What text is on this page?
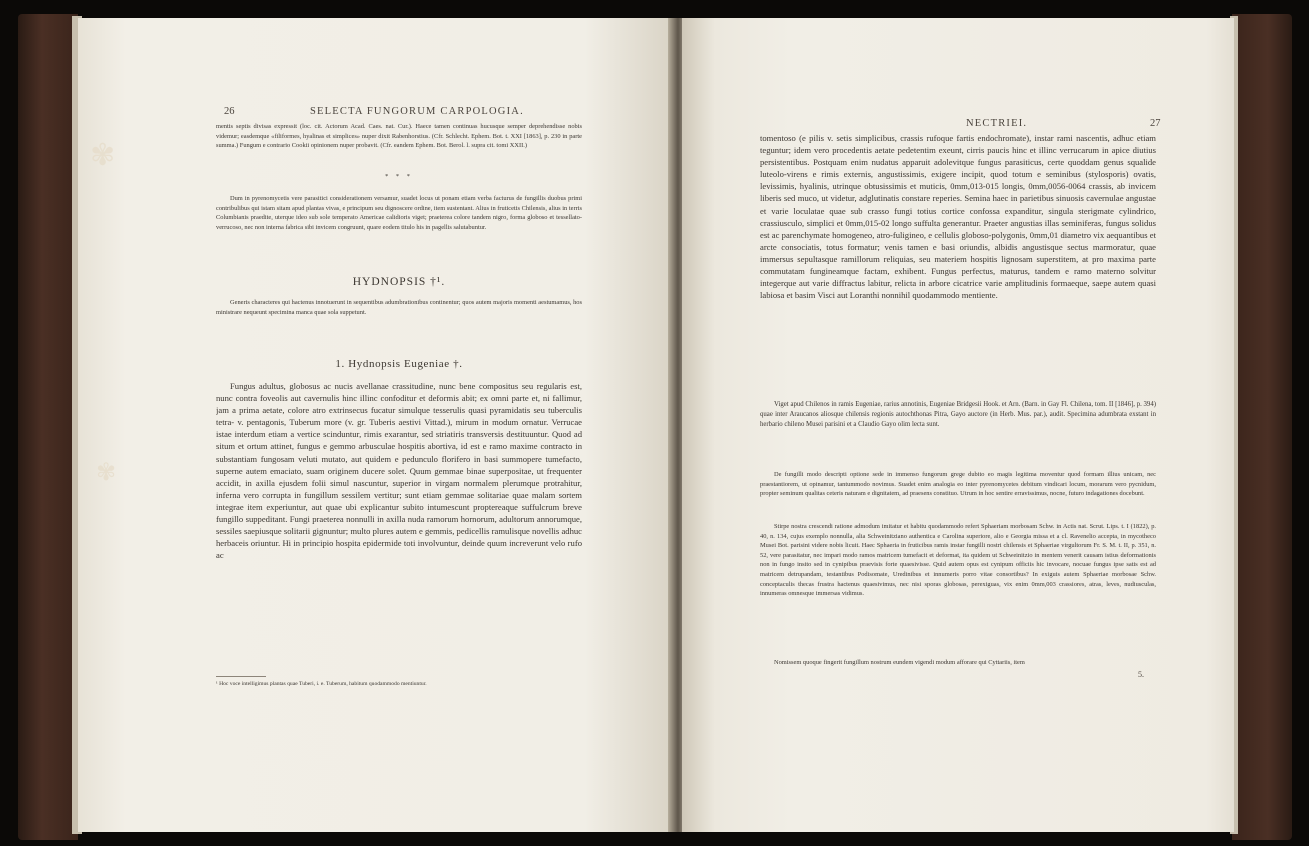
✾
✾
26	SELECTA FUNGORUM CARPOLOGIA.

mentis septis divisas expressit (loc. cit. Actorum Acad. Caes. nat. Cur.). Haece tamen continuas hucusque semper deprehendisse nobis videmur; easdemque «filiformes, hyalinas et simplices» nuper dixit Rabenhorstius. (Cfr. Schlecht. Ephem. Bot. t. XXI [1863], p. 230 in parte summa.) Fungum e contrario Cookii opinionem nuper probavit. (Cfr. eandem Ephem. Bot. Berol. l. supra cit. tomi XXII.)

* * *

Dum in pyrenomycetis vere parasitici considerationem versamur, suadet locus ut ponam etiam verba facturus de fungillis duobus primi contribulibus qui istam sitam apud plantas vivas, e principum seu dignoscere ordine, item sustentant. Alius in fruticetis Chilensis, alius in terris Columbianis praedite, uterque ideo sub sole temperato Americae calidioris viget; praeterea colore tandem nigro, forma globoso et tessellato-verrucoso, nec non interna fabrica sibi invicem congruunt, quare eodem titulo his in pagellis salutabuntur.

HYDNOPSIS †¹.

Generis characteres qui hactenus innotuerunt in sequentibus adumbrationibus continentur; quos autem majoris momenti aestumamus, hos ministrare nequeunt specimina manca quae sola suppetunt.

1. Hydnopsis Eugeniae †.

Fungus adultus, globosus ac nucis avellanae crassitudine, nunc bene compositus seu regularis est, nunc contra foveolis aut cavernulis hinc illinc confoditur et deformis abit; ex omni parte et, ni fallimur, jam a prima aetate, colore atro extrinsecus fucatur simulque tesserulis quasi pyramidatis seu tuberculis tetra- v. pentagonis, Tuberum more (v. gr. Tuberis aestivi Vittad.), mirum in modum ornatur. Verrucae istae interdum etiam a vertice scinduntur, rimis exarantur, sed striatiris transversis destituuntur. Quod ad situm et ortum attinet, fungus e gemmo arbusculae hospitis abortiva, id est e ramo maxime contracto in substantiam fungosam veluti mutato, aut quidem e pedunculo florifero in basi summopere tumefacto, superne autem emaciato, suam originem ducere solet. Quum gemmae binae superpositae, ut frequenter accidit, in axilla ejusdem folii simul nascuntur, superior in virgam normalem plerumque protrahitur, inferna vero corrupta in fungillum sessilem vertitur; sunt etiam gemmae solitariae quae malam sortem integrae item experiuntur, aut quae ubi explicantur subito intumescunt proptereaque suffulcrum breve fungillo suppeditant. Fungi praeterea nonnulli in axilla nuda ramorum hornorum, adultorum annorumque, sessiles saepiusque solitarii gignuntur; multo plures autem e gemmis, pedicellis ramulisque novellis adhuc herbaceis oriuntur. Hi in principio hospita epidermide toti involvuntur, deinde quum increverunt velo rufo ac

¹ Hoc voce intelligimus plantas quae Tuberi, i. e. Tuberum, habitum quodammodo mentiuntur.

NECTRIEI.	27

tomentoso (e pilis v. setis simplicibus, crassis rufoque fartis endochromate), instar rami nascentis, adhuc etiam teguntur; idem vero procedentis aetate pedetentim exeunt, cirris paucis hinc et illinc verrucarum in apice diutius persistentibus. Postquam enim nudatus apparuit adolevitque fungus parasiticus, certe quoddam genus squalide luteolo-virens e rimis externis, angustissimis, exigere incipit, quod totum e seminibus (stylosporis) ovatis, levissimis, hyalinis, utrinque obtusissimis et muticis, 0mm,013-015 longis, 0mm,0056-0064 crassis, ab invicem liberis sed muco, ut videtur, adglutinatis constare reperies. Semina haec in parietibus sinuosis cavernulae angustae et varie loculatae quae sub crasso fungi totius cortice confossa expanditur, singula sterigmate cylindrico, crassiusculo, simplici et 0mm,015-02 longo suffulta generantur. Praeter angustias illas seminiferas, fungus solidus est ac parenchymate homogeneo, atro-fuligineo, e cellulis globoso-polygonis, 0mm,01 diametro vix aequantibus et arcte consociatis, totus formatur; venis tamen e basi oriundis, albidis angustisque sectus marmoratur, quae immersus sepultasque ramillorum reliquias, seu materiem hospitis lignosam superstitem, at pro maxima parte commutatam fungineamque factam, exhibent. Fungus perfectus, maturus, tandem e ramo materno solvitur integerque aut varie diffractus labitur, relicta in arbore cicatrice varie amplitudinis formaeque, saepe autem quasi labiosa et basim Visci aut Loranthi nonnihil quodammodo mentiente.

Viget apud Chilenos in ramis Eugeniae, rarius annotinis, Eugeniae Bridgesii Hook. et Arn. (Barn. in Gay Fl. Chilena, tom. II [1846], p. 394) quae inter Araucanos aliosque chilensis regionis autochthonas Pitra, Gayo auctore (in Herb. Mus. par.), audit. Specimina adumbrata exstant in herbario chileno Musei parisini et a Claudio Gayo olim lecta sunt.

De fungilli modo descripti optione sede in immenso fungorum grege dubito eo magis legitima moventur quod formam illius unicam, nec praestantiorem, ut opinamur, tantummodo novimus. Suadet enim analogia eo inter pyrenomycetes debitum vindicari locum, morarum vero pycnidum, propter seminum qualitas ceteris naturam e dignitatem, ad praesens constituo. Utrum in hoc sentire erravissimus, nocne, futuro indagationes docebunt.

Stirpe nostra crescendi ratione admodum imitatur et habitu quodammodo refert Sphaeriam morbosam Schw. in Actis nat. Scrut. Lips. t. I (1822), p. 40, n. 134, cujus exemplo nonnulla, alia Schweinitziano authentica e Carolina superiore, alio e Georgia missa et a cl. Ravenelio accepta, in mycotheco Musei Bot. parisini videre nobis licuit. Haec Sphaeria in fruticibus ramis instar fungilli nostri chilensis et Sphaeriae virgultorum Fr. S. M. t. II, p. 351, n. 52, vere parasitatur, nec impari modo ramos matricem tumefacit et deformat, ita quidem ut Schweinitzio in mentem venerit causam istius deformationis non in fungo insito sed in cynipibus praevisis forte quaesivisse. Quid autem opus est cynipum officiis hic invocare, nocuae fungus ipse satis est ad matricem detrupandam, testantibus Podisomate, Uredinibus et innumeris porro vitae consortibus? In exiguis autem Sphaeriae morbosae Schw. conceptaculis thecas frustra hactenus quaesivimus, nec nisi sporas globosas, perexiguas, vix enim 0mm,003 crassiores, atras, leves, nudiusculas, innumeras omnesque immersas vidimus.

Nomissem quoque fingerit fungillum nostrum eundem vigendi modum afforare qui Cyttariis, item

5.
